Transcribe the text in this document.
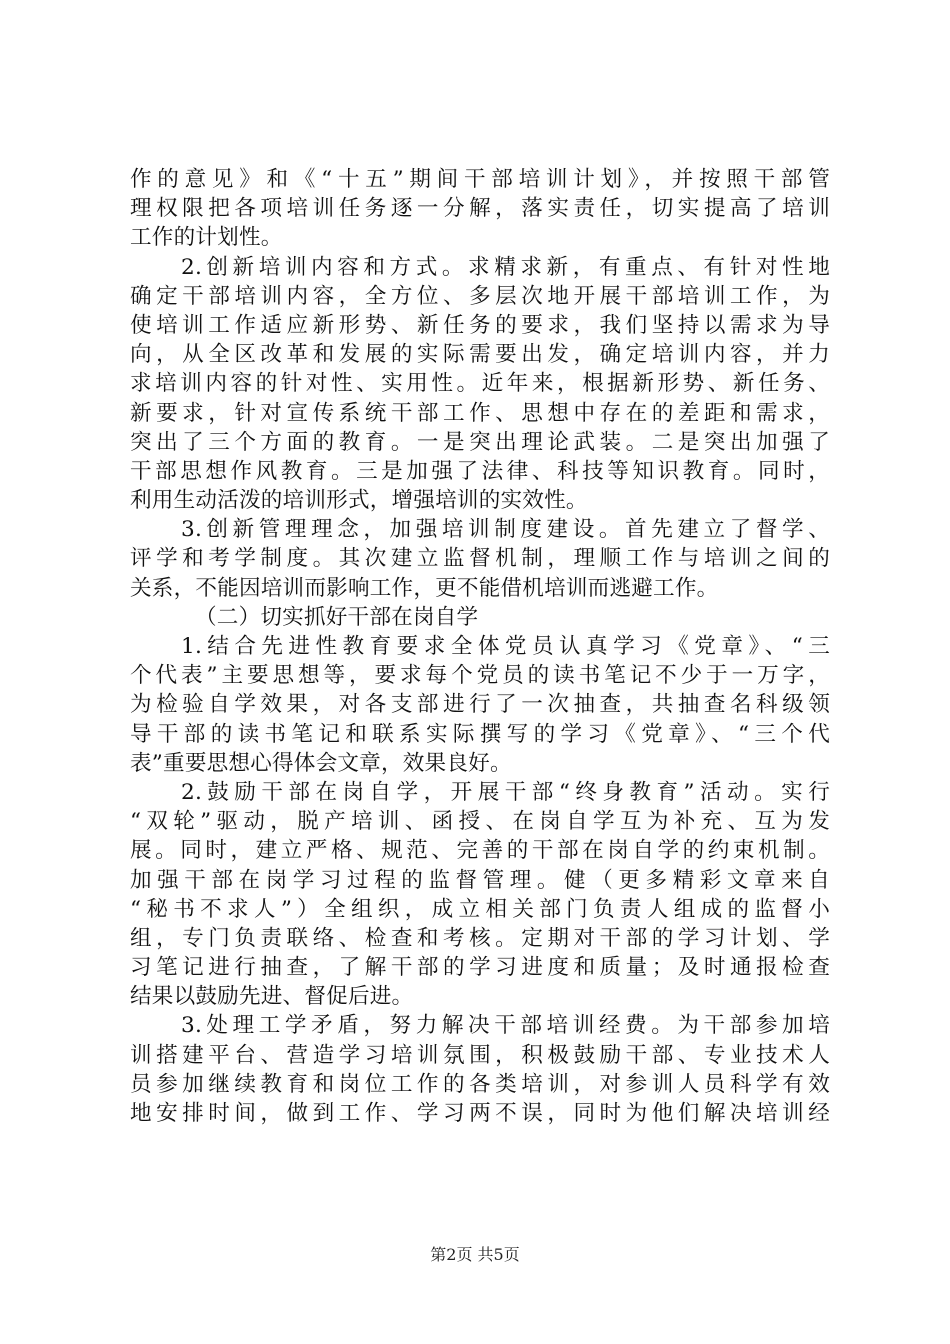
作的意见》和《“十五”期间干部培训计划》，并按照干部管
理权限把各项培训任务逐一分解，落实责任，切实提高了培训
工作的计划性。
2.创新培训内容和方式。求精求新，有重点、有针对性地
确定干部培训内容，全方位、多层次地开展干部培训工作，为
使培训工作适应新形势、新任务的要求，我们坚持以需求为导
向，从全区改革和发展的实际需要出发，确定培训内容，并力
求培训内容的针对性、实用性。近年来，根据新形势、新任务、
新要求，针对宣传系统干部工作、思想中存在的差距和需求，
突出了三个方面的教育。一是突出理论武装。二是突出加强了
干部思想作风教育。三是加强了法律、科技等知识教育。同时，
利用生动活泼的培训形式，增强培训的实效性。
3.创新管理理念，加强培训制度建设。首先建立了督学、
评学和考学制度。其次建立监督机制，理顺工作与培训之间的
关系，不能因培训而影响工作，更不能借机培训而逃避工作。
（二）切实抓好干部在岗自学
1.结合先进性教育要求全体党员认真学习《党章》、“三
个代表”主要思想等，要求每个党员的读书笔记不少于一万字，
为检验自学效果，对各支部进行了一次抽查，共抽查名科级领
导干部的读书笔记和联系实际撰写的学习《党章》、“三个代
表”重要思想心得体会文章，效果良好。
2.鼓励干部在岗自学，开展干部“终身教育”活动。实行
“双轮”驱动，脱产培训、函授、在岗自学互为补充、互为发
展。同时，建立严格、规范、完善的干部在岗自学的约束机制。
加强干部在岗学习过程的监督管理。健（更多精彩文章来自
“秘书不求人”）全组织，成立相关部门负责人组成的监督小
组，专门负责联络、检查和考核。定期对干部的学习计划、学
习笔记进行抽查，了解干部的学习进度和质量；及时通报检查
结果以鼓励先进、督促后进。
3.处理工学矛盾，努力解决干部培训经费。为干部参加培
训搭建平台、营造学习培训氛围，积极鼓励干部、专业技术人
员参加继续教育和岗位工作的各类培训，对参训人员科学有效
地安排时间，做到工作、学习两不误，同时为他们解决培训经
第2页 共5页
